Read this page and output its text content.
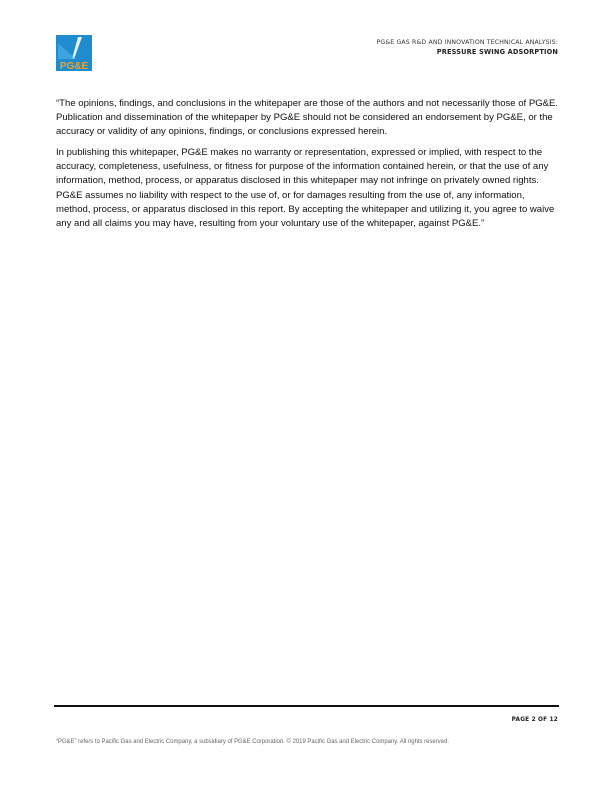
PG&E
PG&E GAS R&D AND INNOVATION TECHNICAL ANALYSIS:
PRESSURE SWING ADSORPTION

“The opinions, findings, and conclusions in the whitepaper are those of the authors and not necessarily those of PG&E. Publication and dissemination of the whitepaper by PG&E should not be considered an endorsement by PG&E, or the accuracy or validity of any opinions, findings, or conclusions expressed herein.

In publishing this whitepaper, PG&E makes no warranty or representation, expressed or implied, with respect to the accuracy, completeness, usefulness, or fitness for purpose of the information contained herein, or that the use of any information, method, process, or apparatus disclosed in this whitepaper may not infringe on privately owned rights. PG&E assumes no liability with respect to the use of, or for damages resulting from the use of, any information, method, process, or apparatus disclosed in this report. By accepting the whitepaper and utilizing it, you agree to waive any and all claims you may have, resulting from your voluntary use of the whitepaper, against PG&E.”

PAGE 2 OF 12
“PG&E” refers to Pacific Gas and Electric Company, a subsidiary of PG&E Corporation. © 2019 Pacific Gas and Electric Company. All rights reserved.
